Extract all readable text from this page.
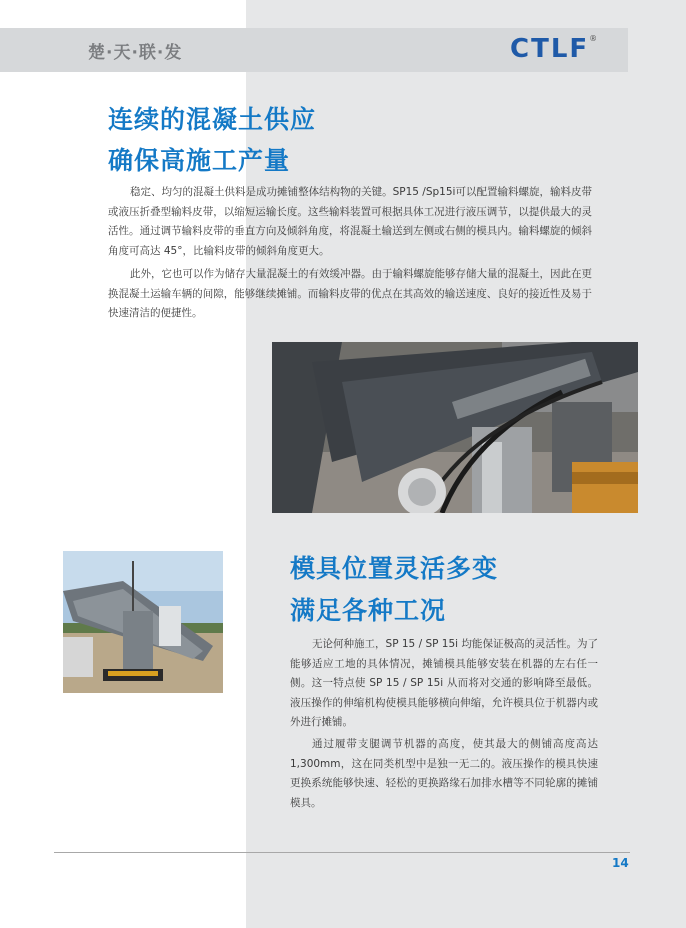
楚·天·联·发	CTLF®
连续的混凝土供应
确保高施工产量
稳定、均匀的混凝土供料是成功摊铺整体结构物的关键。SP15 /Sp15i可以配置输料螺旋，输料皮带或液压折叠型输料皮带，以缩短运输长度。这些输料装置可根据具体工况进行液压调节，以提供最大的灵活性。通过调节输料皮带的垂直方向及倾斜角度，将混凝土输送到左侧或右侧的模具内。输料螺旋的倾斜角度可高达 45°，比输料皮带的倾斜角度更大。
此外，它也可以作为储存大量混凝土的有效缓冲器。由于输料螺旋能够存储大量的混凝土，因此在更换混凝土运输车辆的间隙，能够继续摊铺。而输料皮带的优点在其高效的输送速度、良好的接近性及易于快速清洁的便捷性。
模具位置灵活多变
满足各种工况
无论何种施工，SP 15 / SP 15i 均能保证极高的灵活性。为了能够适应工地的具体情况，摊铺模具能够安装在机器的左右任一侧。这一特点使 SP 15 / SP 15i 从而将对交通的影响降至最低。液压操作的伸缩机构使模具能够横向伸缩，允许模具位于机器内或外进行摊铺。
通过履带支腿调节机器的高度，使其最大的侧铺高度高达1,300mm，这在同类机型中是独一无二的。液压操作的模具快速更换系统能够快速、轻松的更换路缘石加排水槽等不同轮廓的摊铺模具。
14
